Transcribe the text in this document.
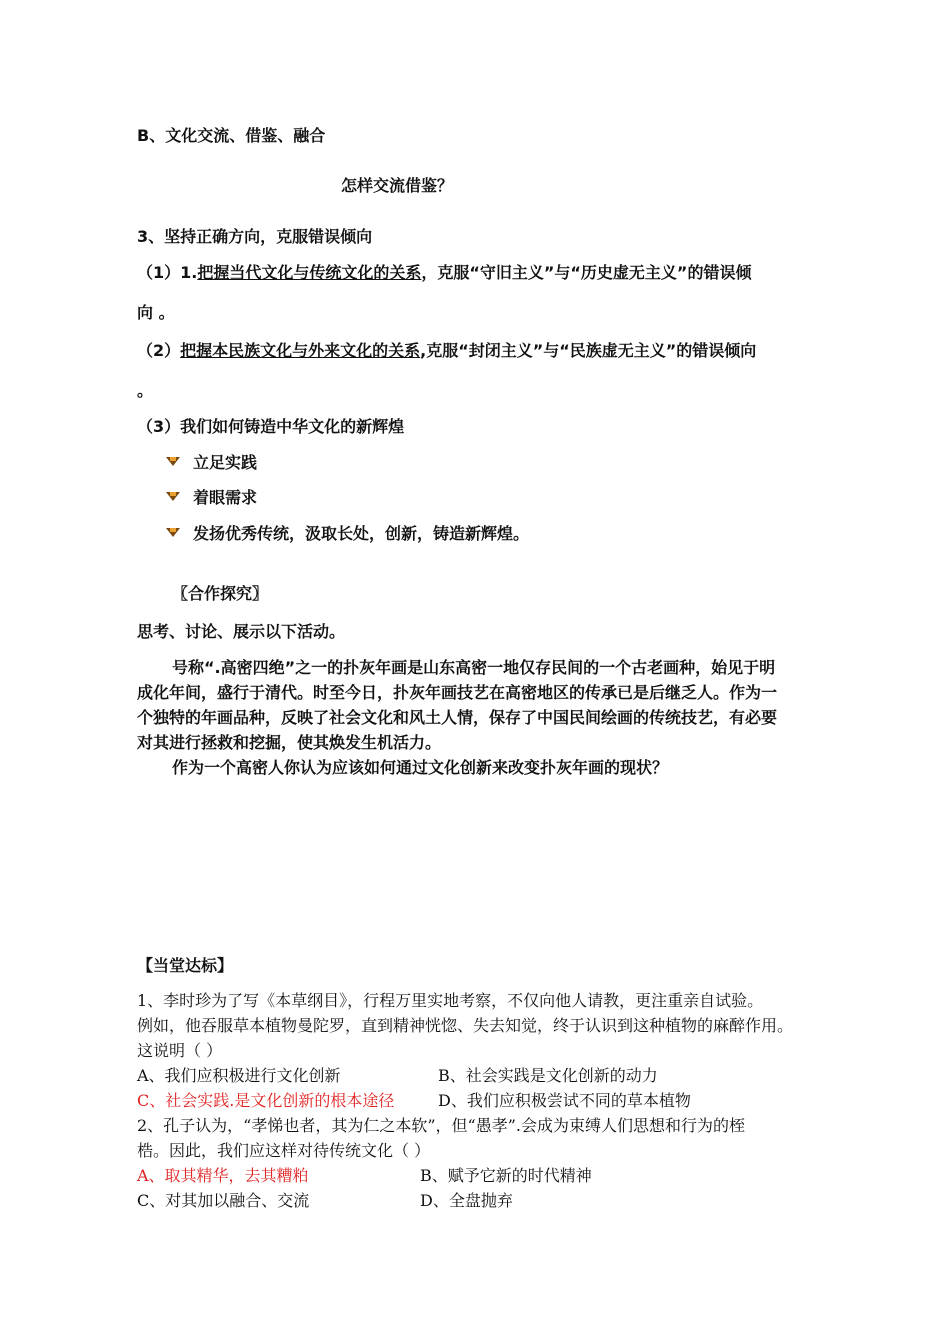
B、文化交流、借鉴、融合
怎样交流借鉴？
3、坚持正确方向，克服错误倾向
（1）1.把握当代文化与传统文化的关系，克服“守旧主义”与“历史虚无主义”的错误倾
向 。
（2）把握本民族文化与外来文化的关系,克服“封闭主义”与“民族虚无主义”的错误倾向
。
（3）我们如何铸造中华文化的新辉煌
立足实践
着眼需求
发扬优秀传统，汲取长处，创新，铸造新辉煌。
〖合作探究〗
思考、讨论、展示以下活动。
号称“.高密四绝”之一的扑灰年画是山东高密一地仅存民间的一个古老画种，始见于明
成化年间，盛行于清代。时至今日，扑灰年画技艺在高密地区的传承已是后继乏人。作为一
个独特的年画品种，反映了社会文化和风土人情，保存了中国民间绘画的传统技艺，有必要
对其进行拯救和挖掘，使其焕发生机活力。
作为一个高密人你认为应该如何通过文化创新来改变扑灰年画的现状？
【当堂达标】
1、李时珍为了写《本草纲目》，行程万里实地考察，不仅向他人请教，更注重亲自试验。
例如，他吞服草本植物曼陀罗，直到精神恍惚、失去知觉，终于认识到这种植物的麻醉作用。
这说明（ ）
A、我们应积极进行文化创新	B、社会实践是文化创新的动力
C、社会实践.是文化创新的根本途径	D、我们应积极尝试不同的草本植物
2、孔子认为，“孝悌也者，其为仁之本软”，但“愚孝”.会成为束缚人们思想和行为的桎
梏。因此，我们应这样对待传统文化（ ）
A、取其精华，去其糟粕	B、赋予它新的时代精神
C、对其加以融合、交流	D、全盘抛弃
